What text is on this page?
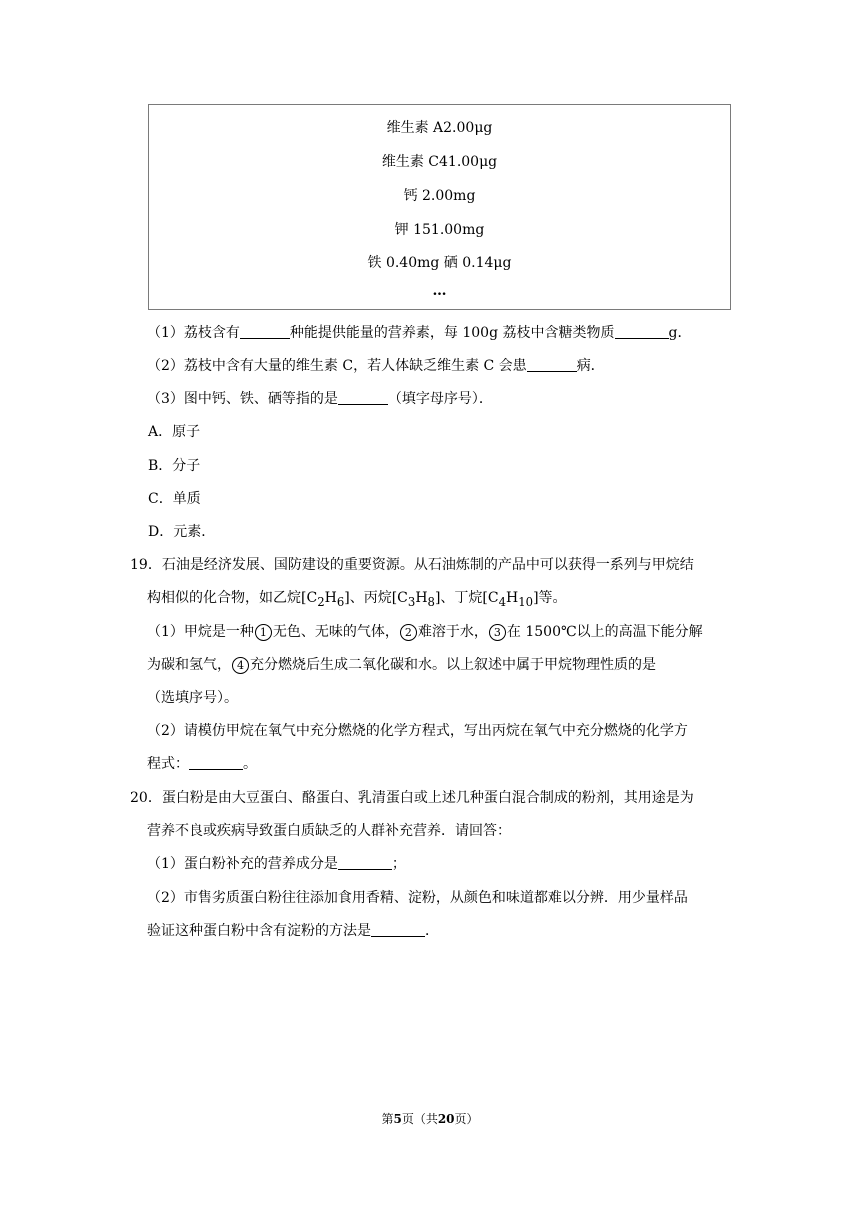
维生素 A2.00μg
维生素 C41.00μg
钙 2.00mg
钾 151.00mg
铁 0.40mg 硒 0.14μg
…
（1）荔枝含有	种能提供能量的营养素，每 100g 荔枝中含糖类物质	g．
（2）荔枝中含有大量的维生素 C，若人体缺乏维生素 C 会患	病．
（3）图中钙、铁、硒等指的是	（填字母序号）．
A．原子
B．分子
C．单质
D．元素．
19．石油是经济发展、国防建设的重要资源。从石油炼制的产品中可以获得一系列与甲烷结
构相似的化合物，如乙烷$[C_2H_6]$、丙烷$[C_3H_8]$、丁烷$[C_4H_{10}]$等。
（1）甲烷是一种 1 无色、无味的气体， 2 难溶于水， 3 在 1500℃以上的高温下能分解
为碳和氢气， 4 充分燃烧后生成二氧化碳和水。以上叙述中属于甲烷物理性质的是
（选填序号）。
（2）请模仿甲烷在氧气中充分燃烧的化学方程式，写出丙烷在氧气中充分燃烧的化学方
程式：	。
20．蛋白粉是由大豆蛋白、酪蛋白、乳清蛋白或上述几种蛋白混合制成的粉剂，其用途是为
营养不良或疾病导致蛋白质缺乏的人群补充营养．请回答：
（1）蛋白粉补充的营养成分是	；
（2）市售劣质蛋白粉往往添加食用香精、淀粉，从颜色和味道都难以分辨．用少量样品
验证这种蛋白粉中含有淀粉的方法是	．
第5页（共20页）
